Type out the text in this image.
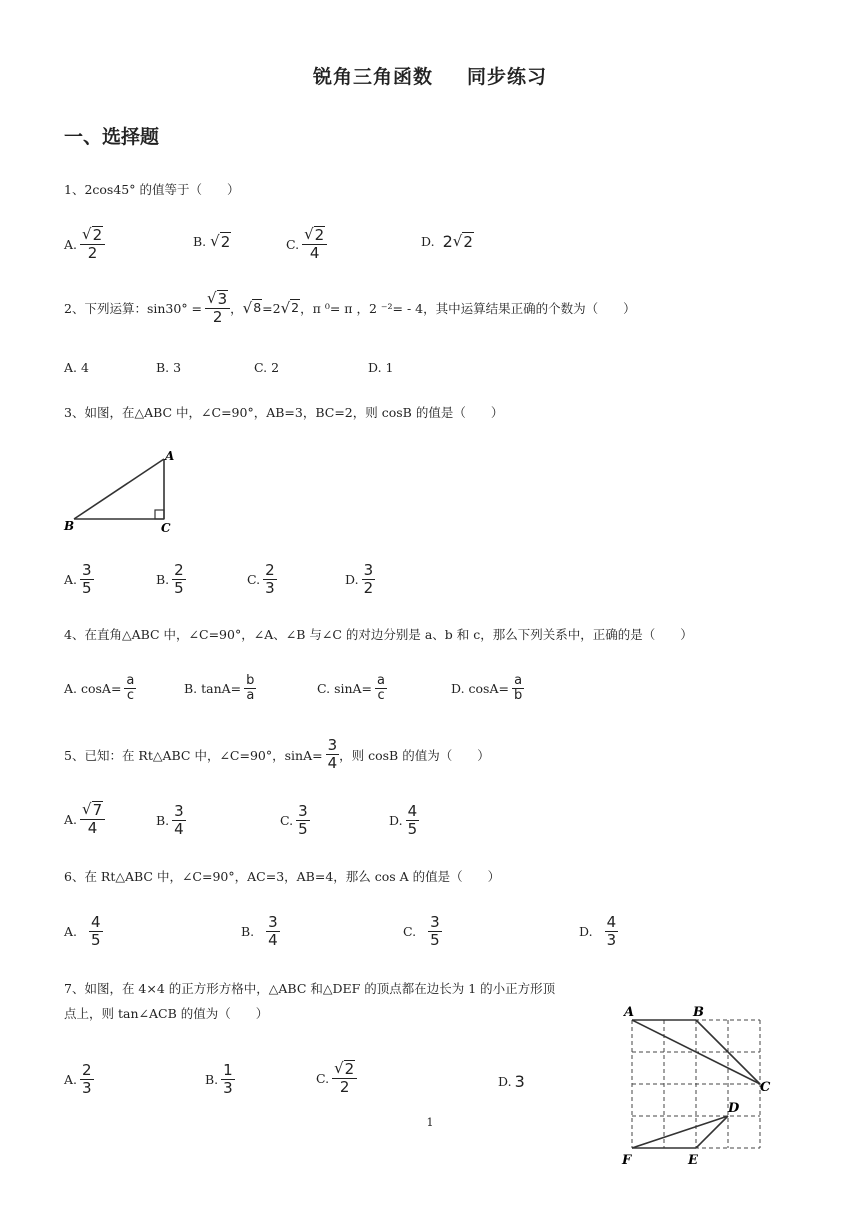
锐角三角函数 同步练习
一、选择题
1、2cos45° 的值等于（　　）
A. $\frac{√ 2}{2}$	B. √ 2	C. $\frac{√ 2}{4}$	D. 2 √ 2
2、下列运算：$\sin 30^\circ = \frac{√ 3}{2}$ ， √ 8 =2 √ 2 ， π ⁰= π ，2 ⁻²= - 4，其中运算结果正确的个数为（　　）
A. 4	B. 3	C. 2	D. 1
3、如图，在△ABC 中，∠C=90°，AB=3，BC=2，则 cosB 的值是（　　）
A
B	C
A. $\frac{3}{5}$	B. $\frac{2}{5}$	C. $\frac{2}{3}$	D. $\frac{3}{2}$
4、在直角△ABC 中，∠C=90°，∠A、∠B 与∠C 的对边分别是 a、b 和 c，那么下列关系中，正确的是（　　）
A. $\cos A= \frac{a}{c}$	B. $\tan A= \frac{b}{a}$	C. $\sin A= \frac{a}{c}$	D. $\cos A= \frac{a}{b}$
5、已知：在 Rt△ABC 中，∠C=90°，$\sin A= \frac{3}{4}$ ，则 cosB 的值为（　　）
A. $\frac{√ 7}{4}$	B. $\frac{3}{4}$	C. $\frac{3}{5}$	D. $\frac{4}{5}$
6、在 Rt△ABC 中，∠C=90°，AC=3，AB=4，那么 cos A 的值是（　　）
A. $\frac{4}{5}$	B. $\frac{3}{4}$	C. $\frac{3}{5}$	D. $\frac{4}{3}$
7、如图，在 4×4 的正方形方格中，△ABC 和△DEF 的顶点都在边长为 1 的小正方形顶
点上，则 tan∠ACB 的值为（　　）
A. $\frac{2}{3}$	B. $\frac{1}{3}$	C. $\frac{√ 2}{2}$	D. 3
A	B
C
D
E
F
1
